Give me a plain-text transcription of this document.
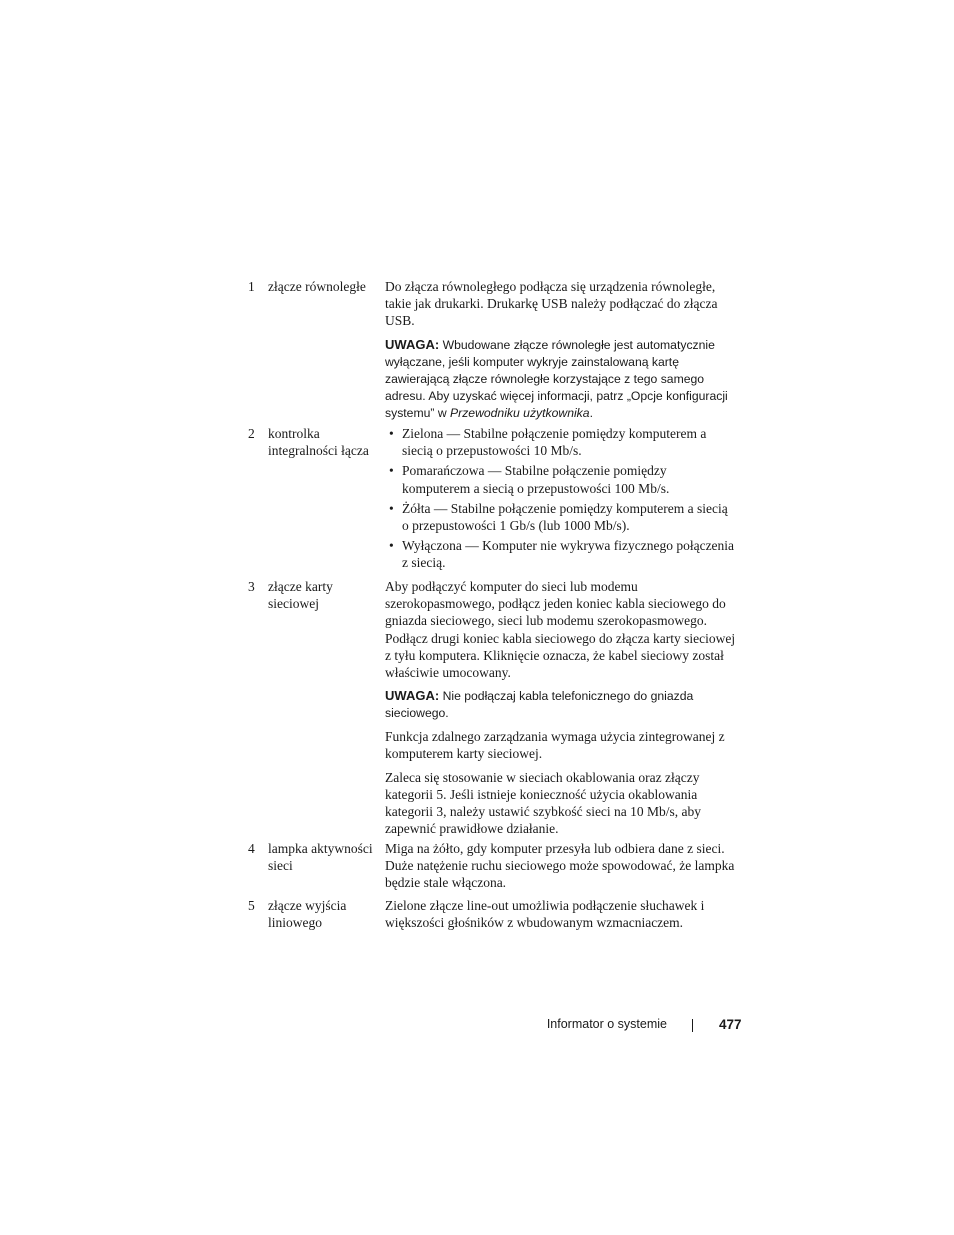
1 złącze równoległe	Do złącza równoległego podłącza się urządzenia równoległe, takie jak drukarki. Drukarkę USB należy podłączać do złącza USB.

UWAGA: Wbudowane złącze równoległe jest automatycznie wyłączane, jeśli komputer wykryje zainstalowaną kartę zawierającą złącze równoległe korzystające z tego samego adresu. Aby uzyskać więcej informacji, patrz „Opcje konfiguracji systemu” w Przewodniku użytkownika.
2 kontrolka integralności łącza
• Zielona — Stabilne połączenie pomiędzy komputerem a siecią o przepustowości 10 Mb/s.
• Pomarańczowa — Stabilne połączenie pomiędzy komputerem a siecią o przepustowości 100 Mb/s.
• Żółta — Stabilne połączenie pomiędzy komputerem a siecią o przepustowości 1 Gb/s (lub 1000 Mb/s).
• Wyłączona — Komputer nie wykrywa fizycznego połączenia z siecią.
3 złącze karty sieciowej

Aby podłączyć komputer do sieci lub modemu szerokopasmowego, podłącz jeden koniec kabla sieciowego do gniazda sieciowego, sieci lub modemu szerokopasmowego. Podłącz drugi koniec kabla sieciowego do złącza karty sieciowej z tyłu komputera. Kliknięcie oznacza, że kabel sieciowy został właściwie umocowany.

UWAGA: Nie podłączaj kabla telefonicznego do gniazda sieciowego.

Funkcja zdalnego zarządzania wymaga użycia zintegrowanej z komputerem karty sieciowej.

Zaleca się stosowanie w sieciach okablowania oraz złączy kategorii 5. Jeśli istnieje konieczność użycia okablowania kategorii 3, należy ustawić szybkość sieci na 10 Mb/s, aby zapewnić prawidłowe działanie.

4 lampka aktywności sieci

Miga na żółto, gdy komputer przesyła lub odbiera dane z sieci. Duże natężenie ruchu sieciowego może spowodować, że lampka będzie stale włączona.

5 złącze wyjścia liniowego

Zielone złącze line-out umożliwia podłączenie słuchawek i większości głośników z wbudowanym wzmacniaczem.

Informator o systemie	477
